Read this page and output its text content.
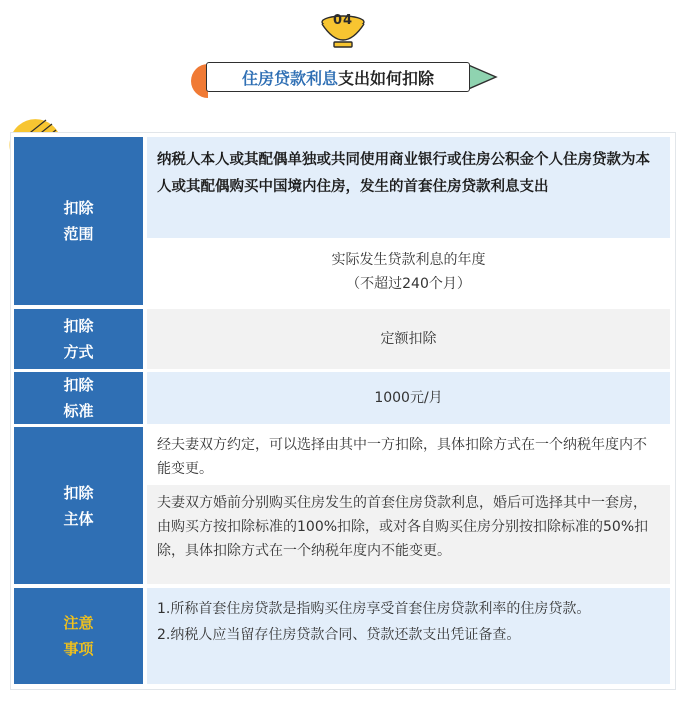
04
住房贷款利息 支出如何扣除
扣除
范围
纳税人本人或其配偶单独或共同使用商业银行或住房公积金个人住房贷款为本人或其配偶购买中国境内住房，发生的首套住房贷款利息支出
实际发生贷款利息的年度
（不超过240个月）
扣除
方式
定额扣除
扣除
标准
1000元/月
扣除
主体
经夫妻双方约定，可以选择由其中一方扣除，具体扣除方式在一个纳税年度内不能变更。
夫妻双方婚前分别购买住房发生的首套住房贷款利息，婚后可选择其中一套房，由购买方按扣除标准的100%扣除，或对各自购买住房分别按扣除标准的50%扣除，具体扣除方式在一个纳税年度内不能变更。
注意
事项
1.所称首套住房贷款是指购买住房享受首套住房贷款利率的住房贷款。
2.纳税人应当留存住房贷款合同、贷款还款支出凭证备查。
